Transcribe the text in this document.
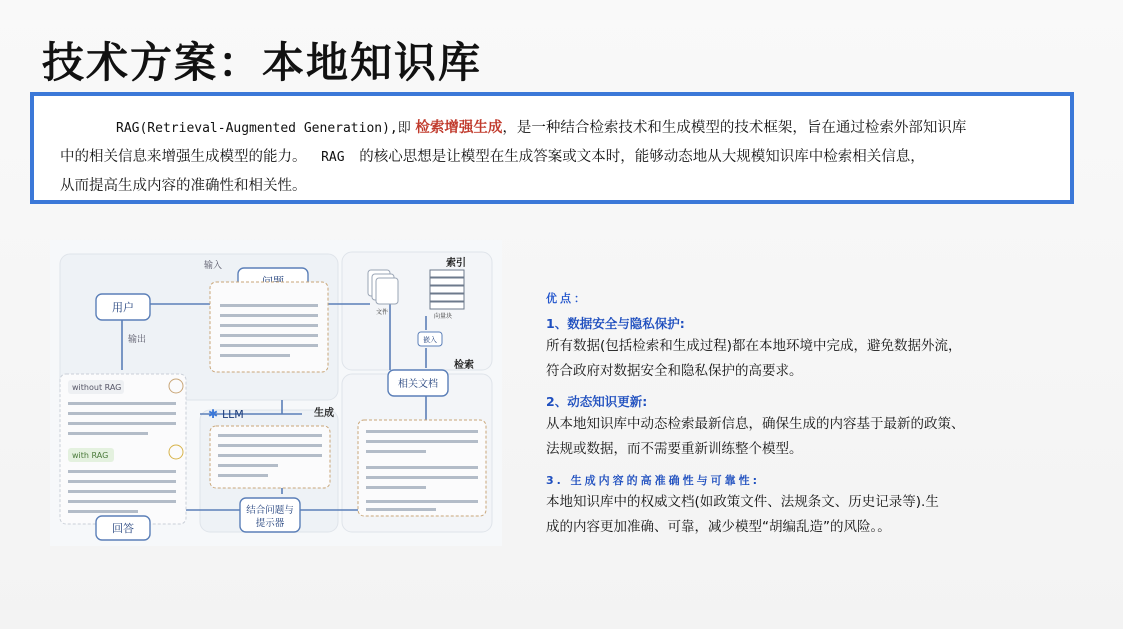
技术方案：本地知识库
RAG(Retrieval-Augmented Generation),即 检索增强生成，是一种结合检索技术和生成模型的技术框架，旨在通过检索外部知识库
中的相关信息来增强生成模型的能力。 RAG 的核心思想是让模型在生成答案或文本时，能够动态地从大规模知识库中检索相关信息，
从而提高生成内容的准确性和相关性。
输入
用户
输出
without RAG
with RAG
回答
索引
文件
向量块
嵌入
检索
相关文档
生成
✱ LLM
结合问题与
提示器
优点：
1、数据安全与隐私保护:
所有数据(包括检索和生成过程)都在本地环境中完成，避免数据外流，
符合政府对数据安全和隐私保护的高要求。
2、动态知识更新:
从本地知识库中动态检索最新信息，确保生成的内容基于最新的政策、
法规或数据，而不需要重新训练整个模型。
3. 生成内容的高准确性与可靠性:
本地知识库中的权威文档(如政策文件、法规条文、历史记录等).生
成的内容更加准确、可靠，减少模型“胡编乱造”的风险。。
